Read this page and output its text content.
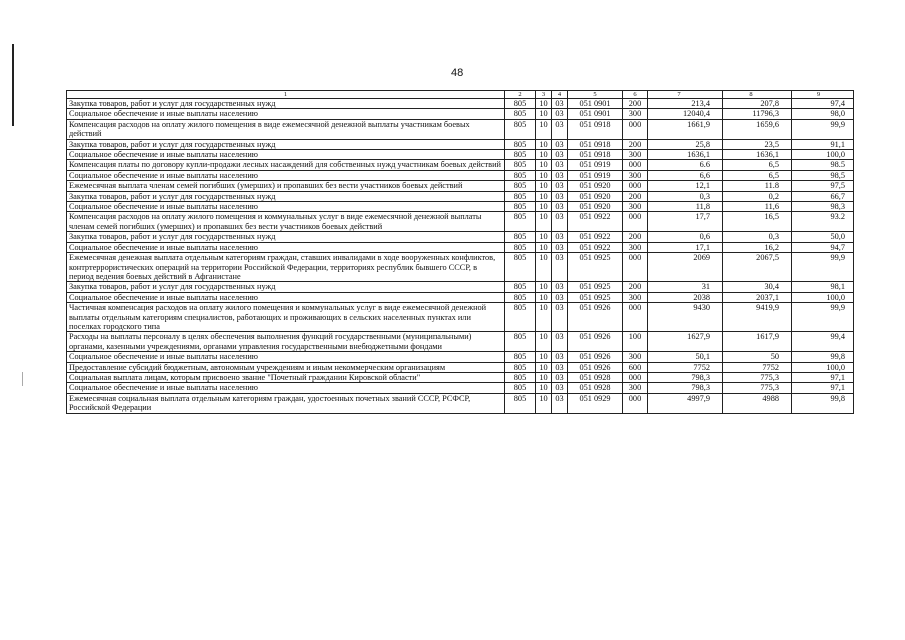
48
1	2	3	4	5	6	7	8	9
Закупка товаров, работ и услуг для государственных нужд	805	10	03	051 0901	200	213,4	207,8	97,4
Социальное обеспечение и иные выплаты населению	805	10	03	051 0901	300	12040,4	11796,3	98,0
Компенсация расходов на оплату жилого помещения в виде ежемесячной денежной выплаты участникам боевых действий	805	10	03	051 0918	000	1661,9	1659,6	99,9
Закупка товаров, работ и услуг для государственных нужд	805	10	03	051 0918	200	25,8	23,5	91,1
Социальное обеспечение и иные выплаты населению	805	10	03	051 0918	300	1636,1	1636,1	100,0
Компенсация платы по договору купли-продажи лесных насаждений для собственных нужд участникам боевых действий	805	10	03	051 0919	000	6.6	6,5	98.5
Социальное обеспечение и иные выплаты населению	805	10	03	051 0919	300	6,6	6,5	98,5
Ежемесячная выплата членам семей погибших (умерших) и пропавших без вести участников боевых действий	805	10	03	051 0920	000	12,1	11.8	97,5
Закупка товаров, работ и услуг для государственных нужд	805	10	03	051 0920	200	0,3	0,2	66,7
Социальное обеспечение и иные выплаты населению	805	10	03	051 0920	300	11,8	11,6	98,3
Компенсация расходов на оплату жилого помещения и коммунальных услуг в виде ежемесячной денежной выплаты членам семей погибших (умерших) и пропавших без вести участников боевых действий	805	10	03	051 0922	000	17,7	16,5	93.2
Закупка товаров, работ и услуг для государственных нужд	805	10	03	051 0922	200	0,6	0,3	50,0
Социальное обеспечение и иные выплаты населению	805	10	03	051 0922	300	17,1	16,2	94,7
Ежемесячная денежная выплата отдельным категориям граждан, ставших инвалидами в ходе вооруженных конфликтов, контртеррористических операций на территории Российской Федерации, территориях республик бывшего СССР, в период ведения боевых действий в Афганистане	805	10	03	051 0925	000	2069	2067,5	99,9
Закупка товаров, работ и услуг для государственных нужд	805	10	03	051 0925	200	31	30,4	98,1
Социальное обеспечение и иные выплаты населению	805	10	03	051 0925	300	2038	2037,1	100,0
Частичная компенсация расходов на оплату жилого помещения и коммунальных услуг в виде ежемесячной денежной выплаты отдельным категориям специалистов, работающих и проживающих в сельских населенных пунктах или поселках городского типа	805	10	03	051 0926	000	9430	9419,9	99,9
Расходы на выплаты персоналу в целях обеспечения выполнения функций государственными (муниципальными) органами, казенными учреждениями, органами управления государственными внебюджетными фондами	805	10	03	051 0926	100	1627,9	1617,9	99,4
Социальное обеспечение и иные выплаты населению	805	10	03	051 0926	300	50,1	50	99,8
Предоставление субсидий бюджетным, автономным учреждениям и иным некоммерческим организациям	805	10	03	051 0926	600	7752	7752	100,0
Социальная выплата лицам, которым присвоено звание "Почетный гражданин Кировской области"	805	10	03	051 0928	000	798,3	775,3	97,1
Социальное обеспечение и иные выплаты населению	805	10	03	051 0928	300	798,3	775,3	97,1
Ежемесячная социальная выплата отдельным категориям граждан, удостоенных почетных званий СССР, РСФСР, Российской Федерации	805	10	03	051 0929	000	4997,9	4988	99,8
